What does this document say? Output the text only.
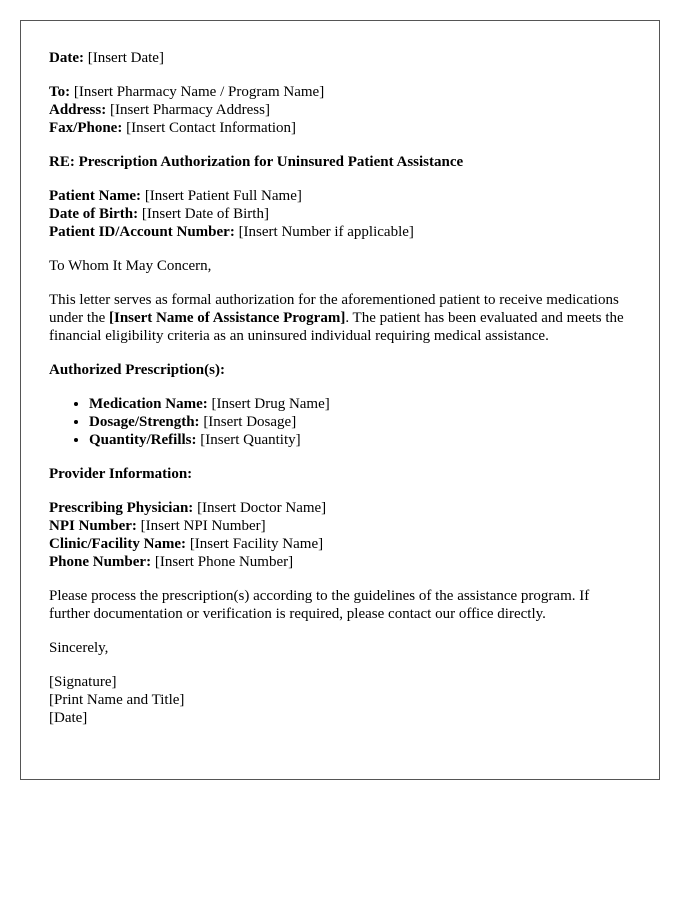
Date: [Insert Date]

To: [Insert Pharmacy Name / Program Name]
Address: [Insert Pharmacy Address]
Fax/Phone: [Insert Contact Information]

RE: Prescription Authorization for Uninsured Patient Assistance

Patient Name: [Insert Patient Full Name]
Date of Birth: [Insert Date of Birth]
Patient ID/Account Number: [Insert Number if applicable]

To Whom It May Concern,

This letter serves as formal authorization for the aforementioned patient to receive medications under the [Insert Name of Assistance Program]. The patient has been evaluated and meets the financial eligibility criteria as an uninsured individual requiring medical assistance.

Authorized Prescription(s):

• Medication Name: [Insert Drug Name]
• Dosage/Strength: [Insert Dosage]
• Quantity/Refills: [Insert Quantity]

Provider Information:

Prescribing Physician: [Insert Doctor Name]
NPI Number: [Insert NPI Number]
Clinic/Facility Name: [Insert Facility Name]
Phone Number: [Insert Phone Number]

Please process the prescription(s) according to the guidelines of the assistance program. If further documentation or verification is required, please contact our office directly.

Sincerely,

[Signature]
[Print Name and Title]
[Date]
